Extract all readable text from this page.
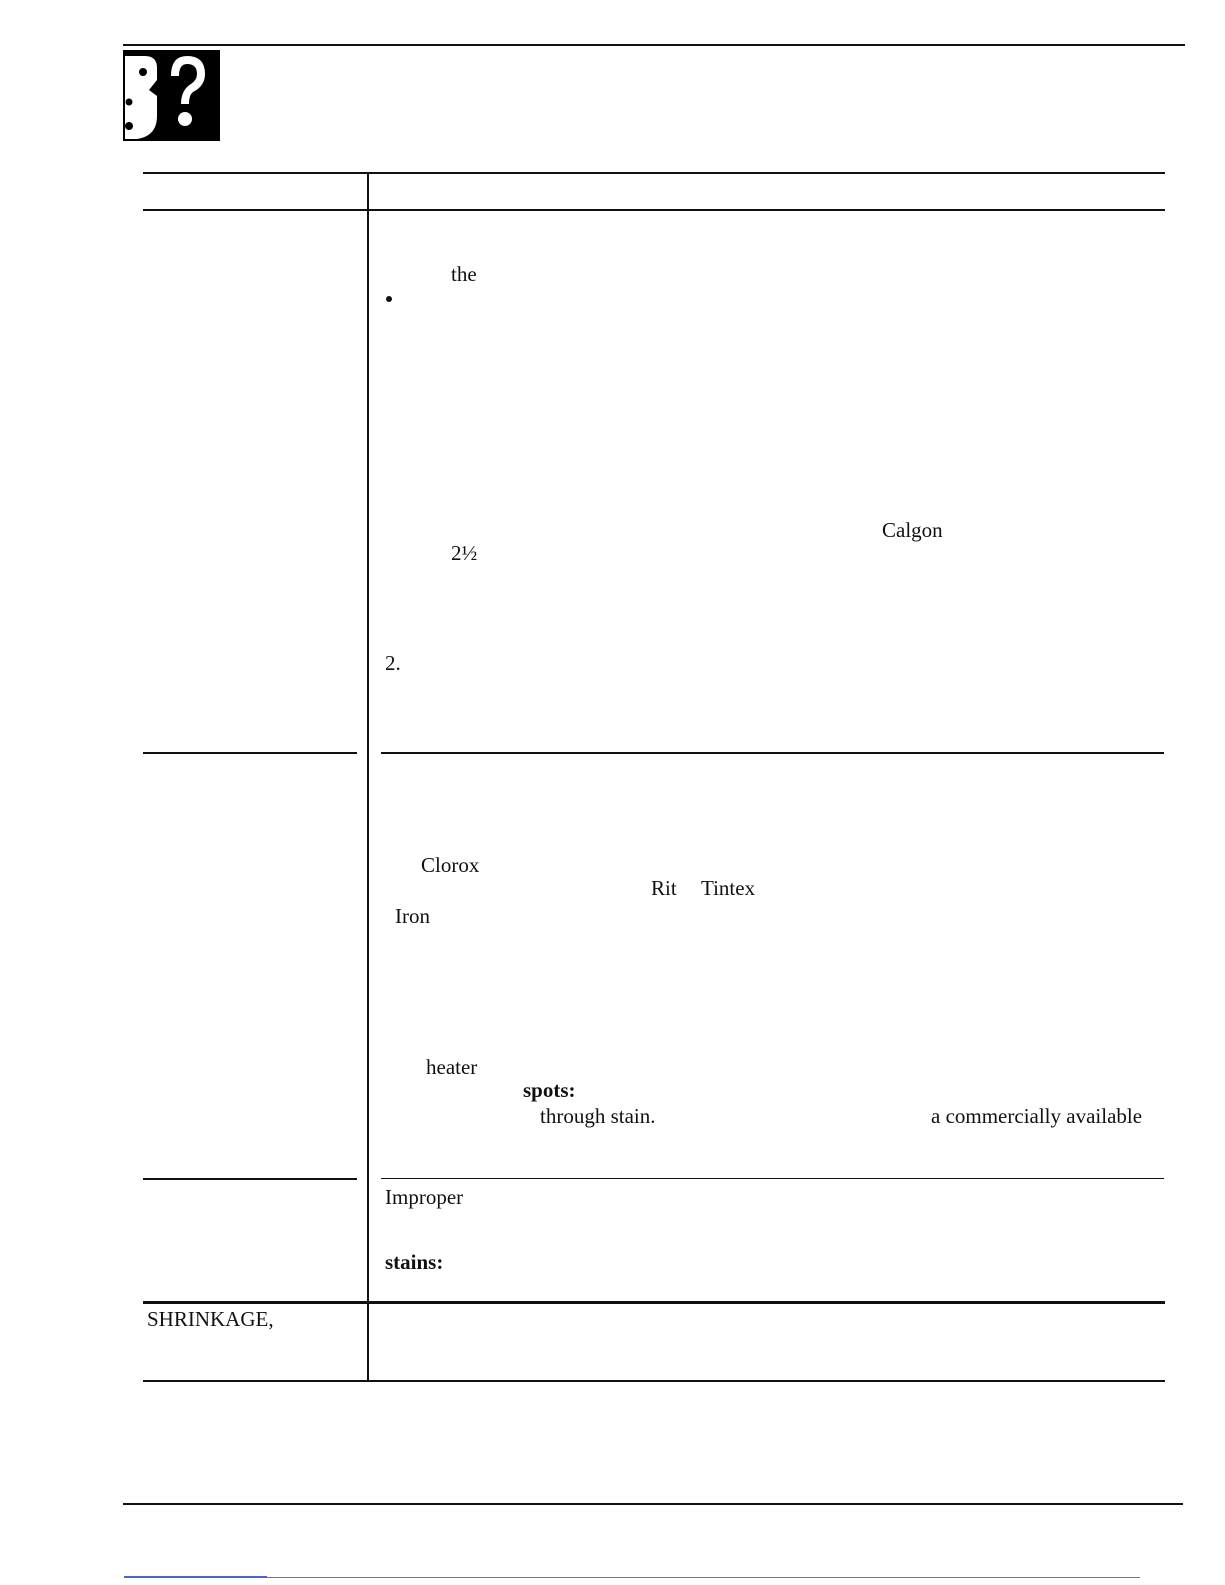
the
Calgon
2½
2.
Clorox
Rit Tintex
Iron
heater
spots:
through stain.	a commercially available
Improper
stains:
SHRINKAGE,
